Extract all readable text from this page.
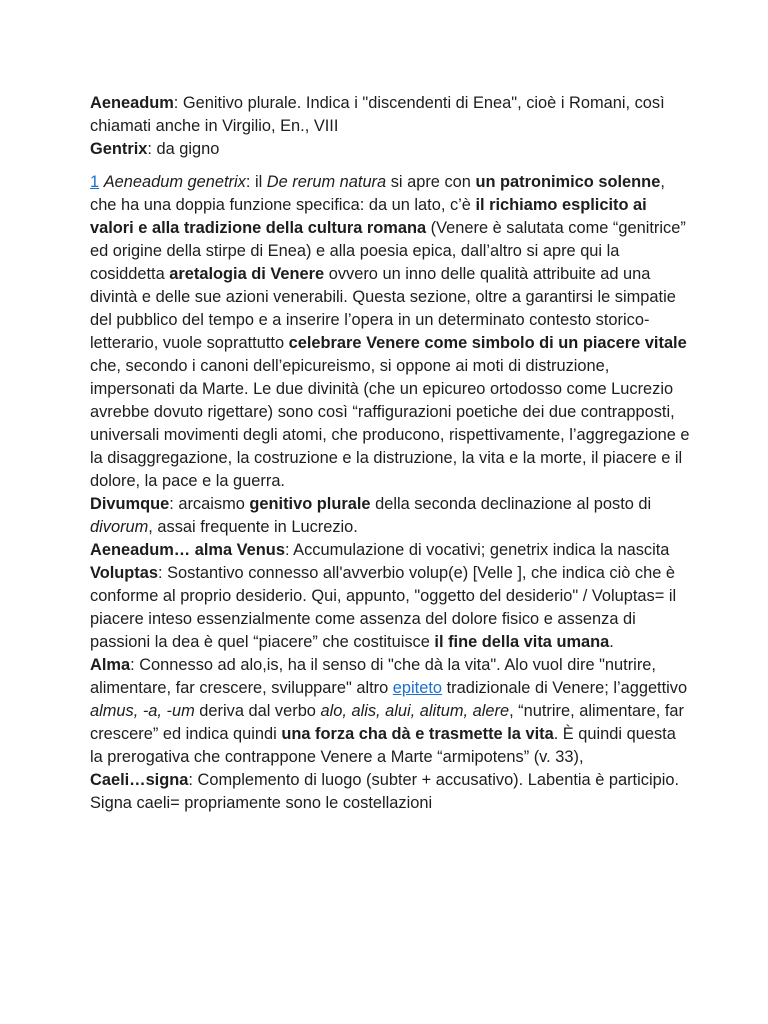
Aeneadum: Genitivo plurale. Indica i "discendenti di Enea", cioè i Romani, così chiamati anche in Virgilio, En., VIII

Gentrix: da gigno

1 Aeneadum genetrix: il De rerum natura si apre con un patronimico solenne, che ha una doppia funzione specifica: da un lato, c’è il richiamo esplicito ai valori e alla tradizione della cultura romana (Venere è salutata come “genitrice” ed origine della stirpe di Enea) e alla poesia epica, dall’altro si apre qui la cosiddetta aretalogia di Venere ovvero un inno delle qualità attribuite ad una divintà e delle sue azioni venerabili. Questa sezione, oltre a garantirsi le simpatie del pubblico del tempo e a inserire l’opera in un determinato contesto storico-letterario, vuole soprattutto celebrare Venere come simbolo di un piacere vitale che, secondo i canoni dell’epicureismo, si oppone ai moti di distruzione, impersonati da Marte. Le due divinità (che un epicureo ortodosso come Lucrezio avrebbe dovuto rigettare) sono così “raffigurazioni poetiche dei due contrapposti, universali movimenti degli atomi, che producono, rispettivamente, l’aggregazione e la disaggregazione, la costruzione e la distruzione, la vita e la morte, il piacere e il dolore, la pace e la guerra.

Divumque: arcaismo genitivo plurale della seconda declinazione al posto di divorum, assai frequente in Lucrezio.

Aeneadum… alma Venus: Accumulazione di vocativi; genetrix indica la nascita

Voluptas: Sostantivo connesso all'avverbio volup(e) [Velle ], che indica ciò che è conforme al proprio desiderio. Qui, appunto, "oggetto del desiderio" / Voluptas= il piacere inteso essenzialmente come assenza del dolore fisico e assenza di passioni la dea è quel “piacere” che costituisce il fine della vita umana.

Alma: Connesso ad alo,is, ha il senso di "che dà la vita". Alo vuol dire "nutrire, alimentare, far crescere, sviluppare" altro epiteto tradizionale di Venere; l’aggettivo almus, -a, -um deriva dal verbo alo, alis, alui, alitum, alere, “nutrire, alimentare, far crescere” ed indica quindi una forza cha dà e trasmette la vita. È quindi questa la prerogativa che contrappone Venere a Marte “armipotens” (v. 33),

Caeli…signa: Complemento di luogo (subter + accusativo). Labentia è participio. Signa caeli= propriamente sono le costellazioni
